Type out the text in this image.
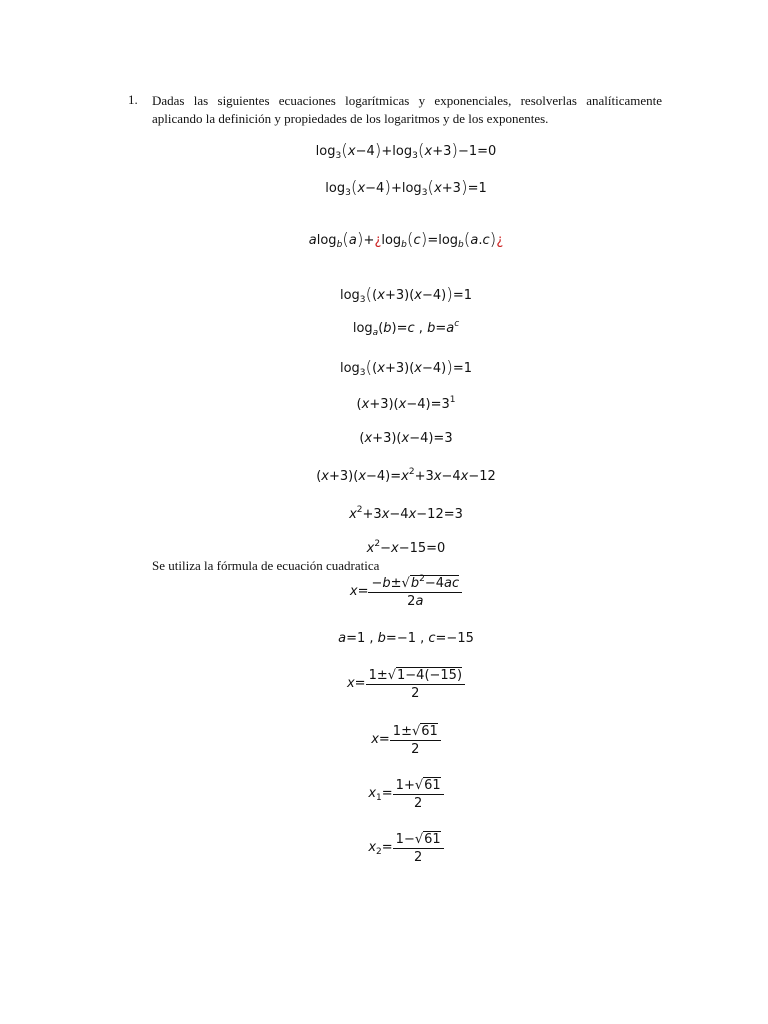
1. Dadas las siguientes ecuaciones logarítmicas y exponenciales, resolverlas analíticamente
aplicando la definición y propiedades de los logaritmos y de los exponentes.
$\log_3(x-4)+\log_3(x+3)-1=0$
$\log_3(x-4)+\log_3(x+3)=1$
$alog_b(a)+¿\log_b(c)=\log_b(a.c)¿$
$\log_3((x+3)(x-4))=1$
$\log_a(b)=c$ , $b=a^c$
$\log_3((x+3)(x-4))=1$
$(x+3)(x-4)=3^1$
(x+3)(x−4)=3
$(x+3)(x-4)=x^2+3x-4x-12$
$x^2+3x-4x-12=3$
$x^2-x-15=0$
Se utiliza la fórmula de ecuación cuadratica
$x= \frac{-b\pm√b^2-4ac}{2a}$
a=1 , b=−1 , c=−15
$x= \frac{1\pm√1-4(-15)}{2}$
$x= \frac{1\pm√61}{2}$
$x_1= \frac{1+√61}{2}$
$x_2= \frac{1-√61}{2}$
